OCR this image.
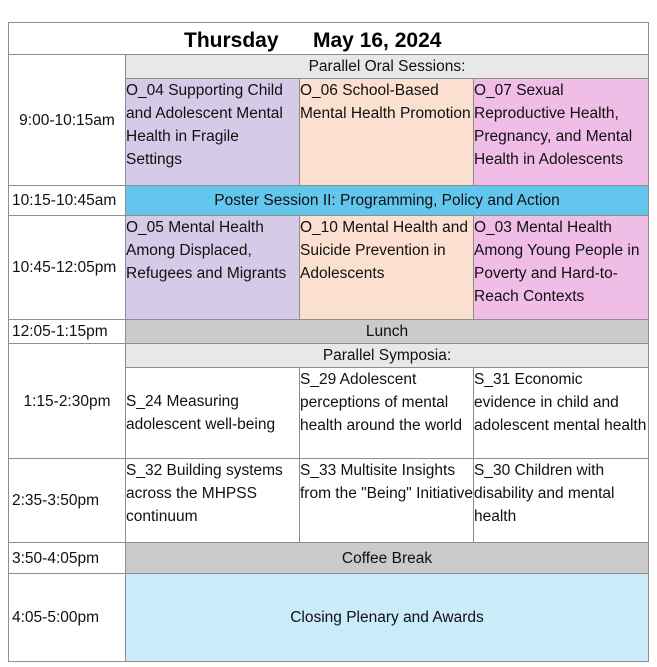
9:00-10:15am	Parallel Oral Sessions:		
	O_04 Supporting Child and Adolescent Mental Health in Fragile Settings	O_06 School-Based Mental Health Promotion	O_07 Sexual Reproductive Health, Pregnancy, and Mental Health in Adolescents
10:15-10:45am	Poster Session II: Programming, Policy and Action		
10:45-12:05pm	O_05 Mental Health Among Displaced, Refugees and Migrants	O_10 Mental Health and Suicide Prevention in Adolescents	O_03 Mental Health Among Young People in Poverty and Hard-to-Reach Contexts
12:05-1:15pm	Lunch		
1:15-2:30pm	Parallel Symposia:		
	S_24 Measuring adolescent well-being	S_29 Adolescent perceptions of mental health around the world	S_31 Economic evidence in child and adolescent mental health
2:35-3:50pm	S_32 Building systems across the MHPSS continuum	S_33 Multisite Insights from the "Being" Initiative	S_30 Children with disability and mental health
3:50-4:05pm	Coffee Break		
4:05-5:00pm	Closing Plenary and Awards		
Thursday May 16, 2024
